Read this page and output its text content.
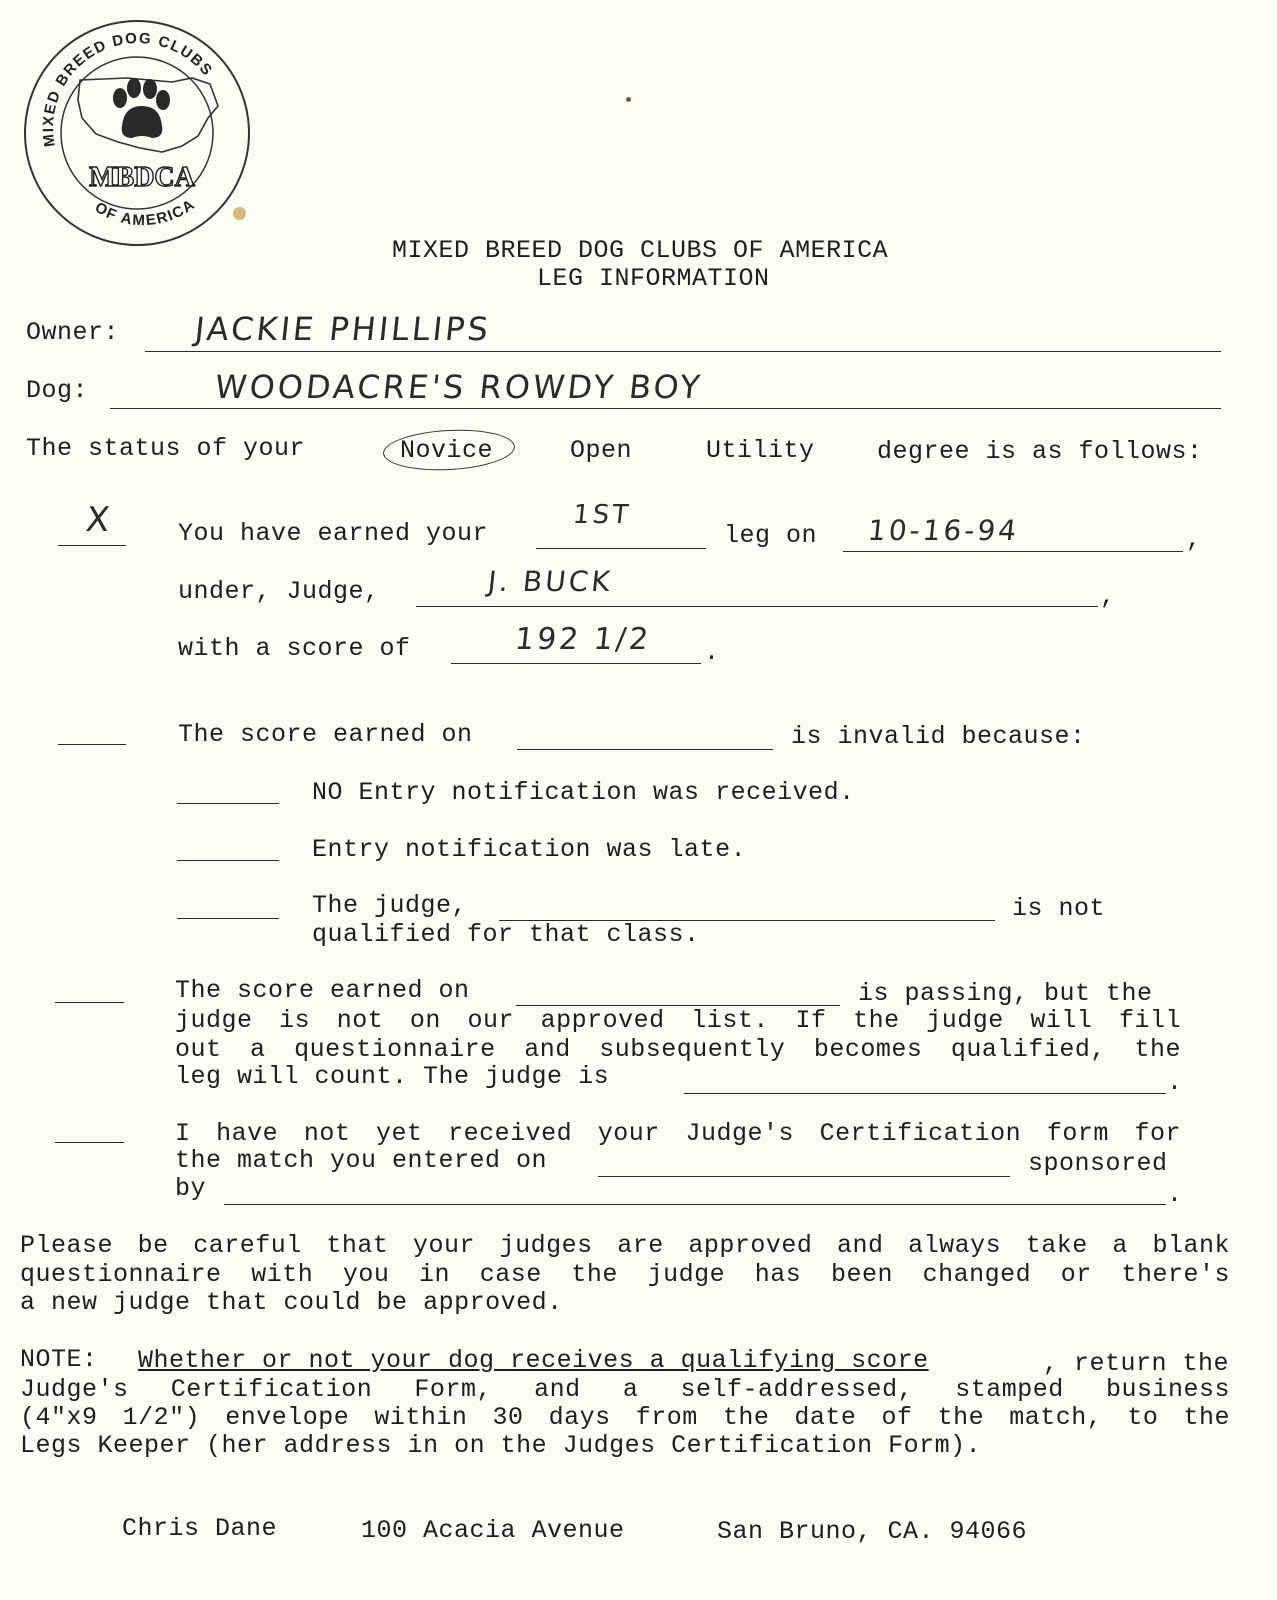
MIXED BREED DOG CLUBS
OF AMERICA
MBDCA
MIXED BREED DOG CLUBS OF AMERICA
LEG INFORMATION
Owner: JACKIE PHILLIPS
Dog:	WOODACRE'S ROWDY BOY
The status of your	Novice	Open	Utility degree is as follows:
X	You have earned your
1ST
leg on 10-16-94	,
under, Judge,	J. BUCK	,
with a score of	192 1/2 .
The score earned on	is invalid because:
NO Entry notification was received.
Entry notification was late.
The judge,	is not
qualified for that class.
The score earned on	is passing, but the
judge is not on our approved list. If the judge will fill
out a questionnaire and subsequently becomes qualified, the
leg will count. The judge is	.
I have not yet received your Judge's Certification form for
the match you entered on	sponsored
by	.
Please be careful that your judges are approved and always take a blank
questionnaire with you in case the judge has been changed or there's
a new judge that could be approved.
NOTE: Whether or not your dog receives a qualifying score	, return the
Judge's Certification Form, and a self-addressed, stamped business
(4"x9 1/2") envelope within 30 days from the date of the match, to the
Legs Keeper (her address in on the Judges Certification Form).
Chris Dane	100 Acacia Avenue	San Bruno, CA. 94066
